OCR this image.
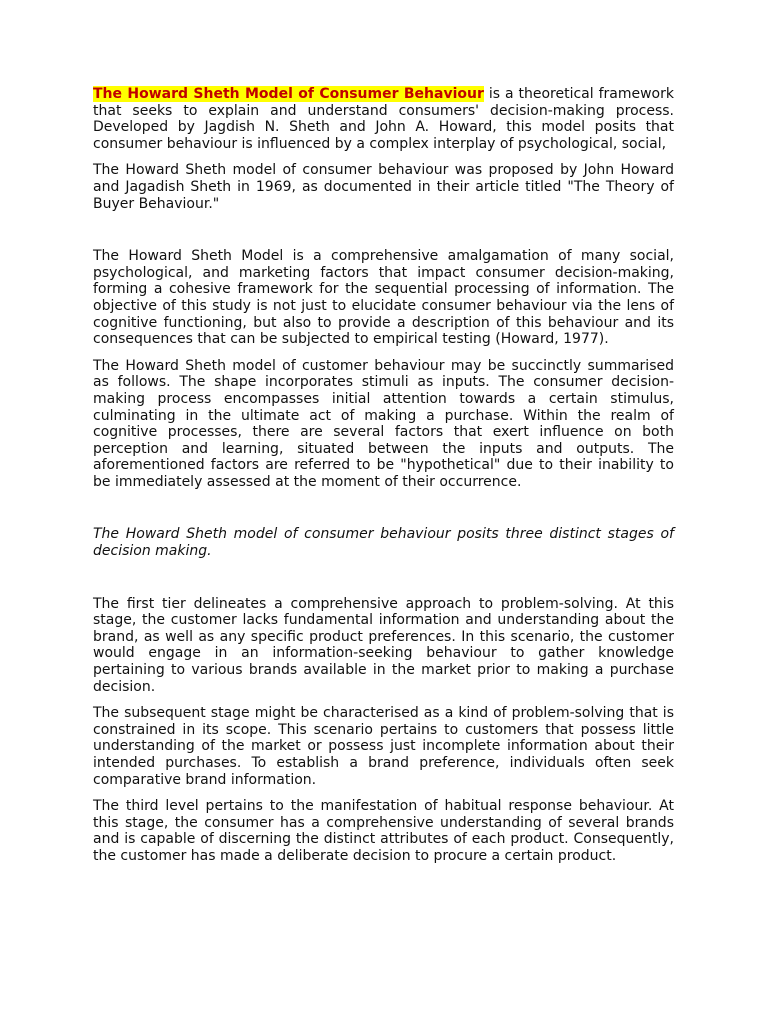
The Howard Sheth Model of Consumer Behaviour is a theoretical framework that seeks to explain and understand consumers' decision-making process. Developed by Jagdish N. Sheth and John A. Howard, this model posits that consumer behaviour is influenced by a complex interplay of psychological, social,

The Howard Sheth model of consumer behaviour was proposed by John Howard and Jagadish Sheth in 1969, as documented in their article titled "The Theory of Buyer Behaviour."

The Howard Sheth Model is a comprehensive amalgamation of many social, psychological, and marketing factors that impact consumer decision-making, forming a cohesive framework for the sequential processing of information. The objective of this study is not just to elucidate consumer behaviour via the lens of cognitive functioning, but also to provide a description of this behaviour and its consequences that can be subjected to empirical testing (Howard, 1977).

The Howard Sheth model of customer behaviour may be succinctly summarised as follows. The shape incorporates stimuli as inputs. The consumer decision-making process encompasses initial attention towards a certain stimulus, culminating in the ultimate act of making a purchase. Within the realm of cognitive processes, there are several factors that exert influence on both perception and learning, situated between the inputs and outputs. The aforementioned factors are referred to be "hypothetical" due to their inability to be immediately assessed at the moment of their occurrence.

The Howard Sheth model of consumer behaviour posits three distinct stages of decision making.

The first tier delineates a comprehensive approach to problem-solving. At this stage, the customer lacks fundamental information and understanding about the brand, as well as any specific product preferences. In this scenario, the customer would engage in an information-seeking behaviour to gather knowledge pertaining to various brands available in the market prior to making a purchase decision.

The subsequent stage might be characterised as a kind of problem-solving that is constrained in its scope. This scenario pertains to customers that possess little understanding of the market or possess just incomplete information about their intended purchases. To establish a brand preference, individuals often seek comparative brand information.

The third level pertains to the manifestation of habitual response behaviour. At this stage, the consumer has a comprehensive understanding of several brands and is capable of discerning the distinct attributes of each product. Consequently, the customer has made a deliberate decision to procure a certain product.
